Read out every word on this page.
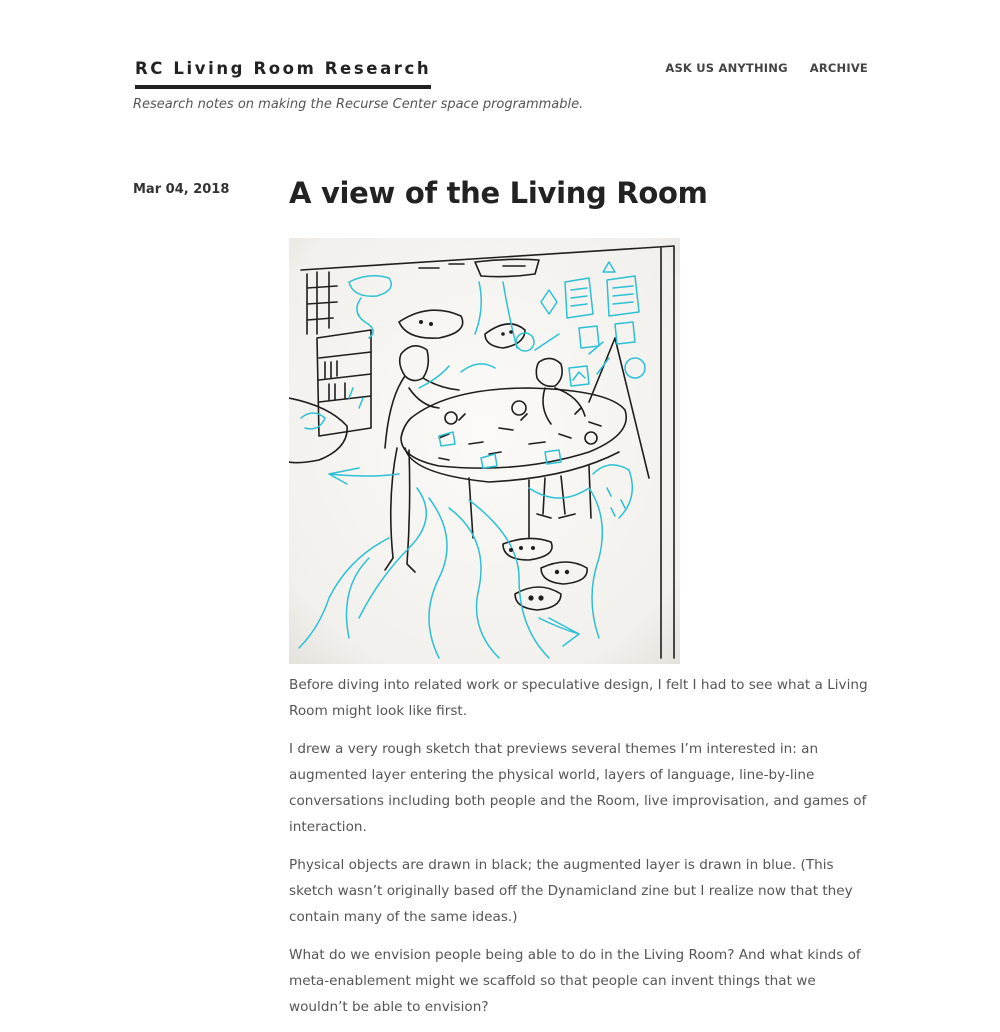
RC Living Room Research	ASK US ANYTHING ARCHIVE
Research notes on making the Recurse Center space programmable.
Mar 04, 2018 A view of the Living Room

Before diving into related work or speculative design, I felt I had to see what a Living Room might look like first.

I drew a very rough sketch that previews several themes I’m interested in: an augmented layer entering the physical world, layers of language, line-by-line conversations including both people and the Room, live improvisation, and games of interaction.

Physical objects are drawn in black; the augmented layer is drawn in blue. (This sketch wasn’t originally based off the Dynamicland zine but I realize now that they contain many of the same ideas.)

What do we envision people being able to do in the Living Room? And what kinds of meta-enablement might we scaffold so that people can invent things that we wouldn’t be able to envision?
